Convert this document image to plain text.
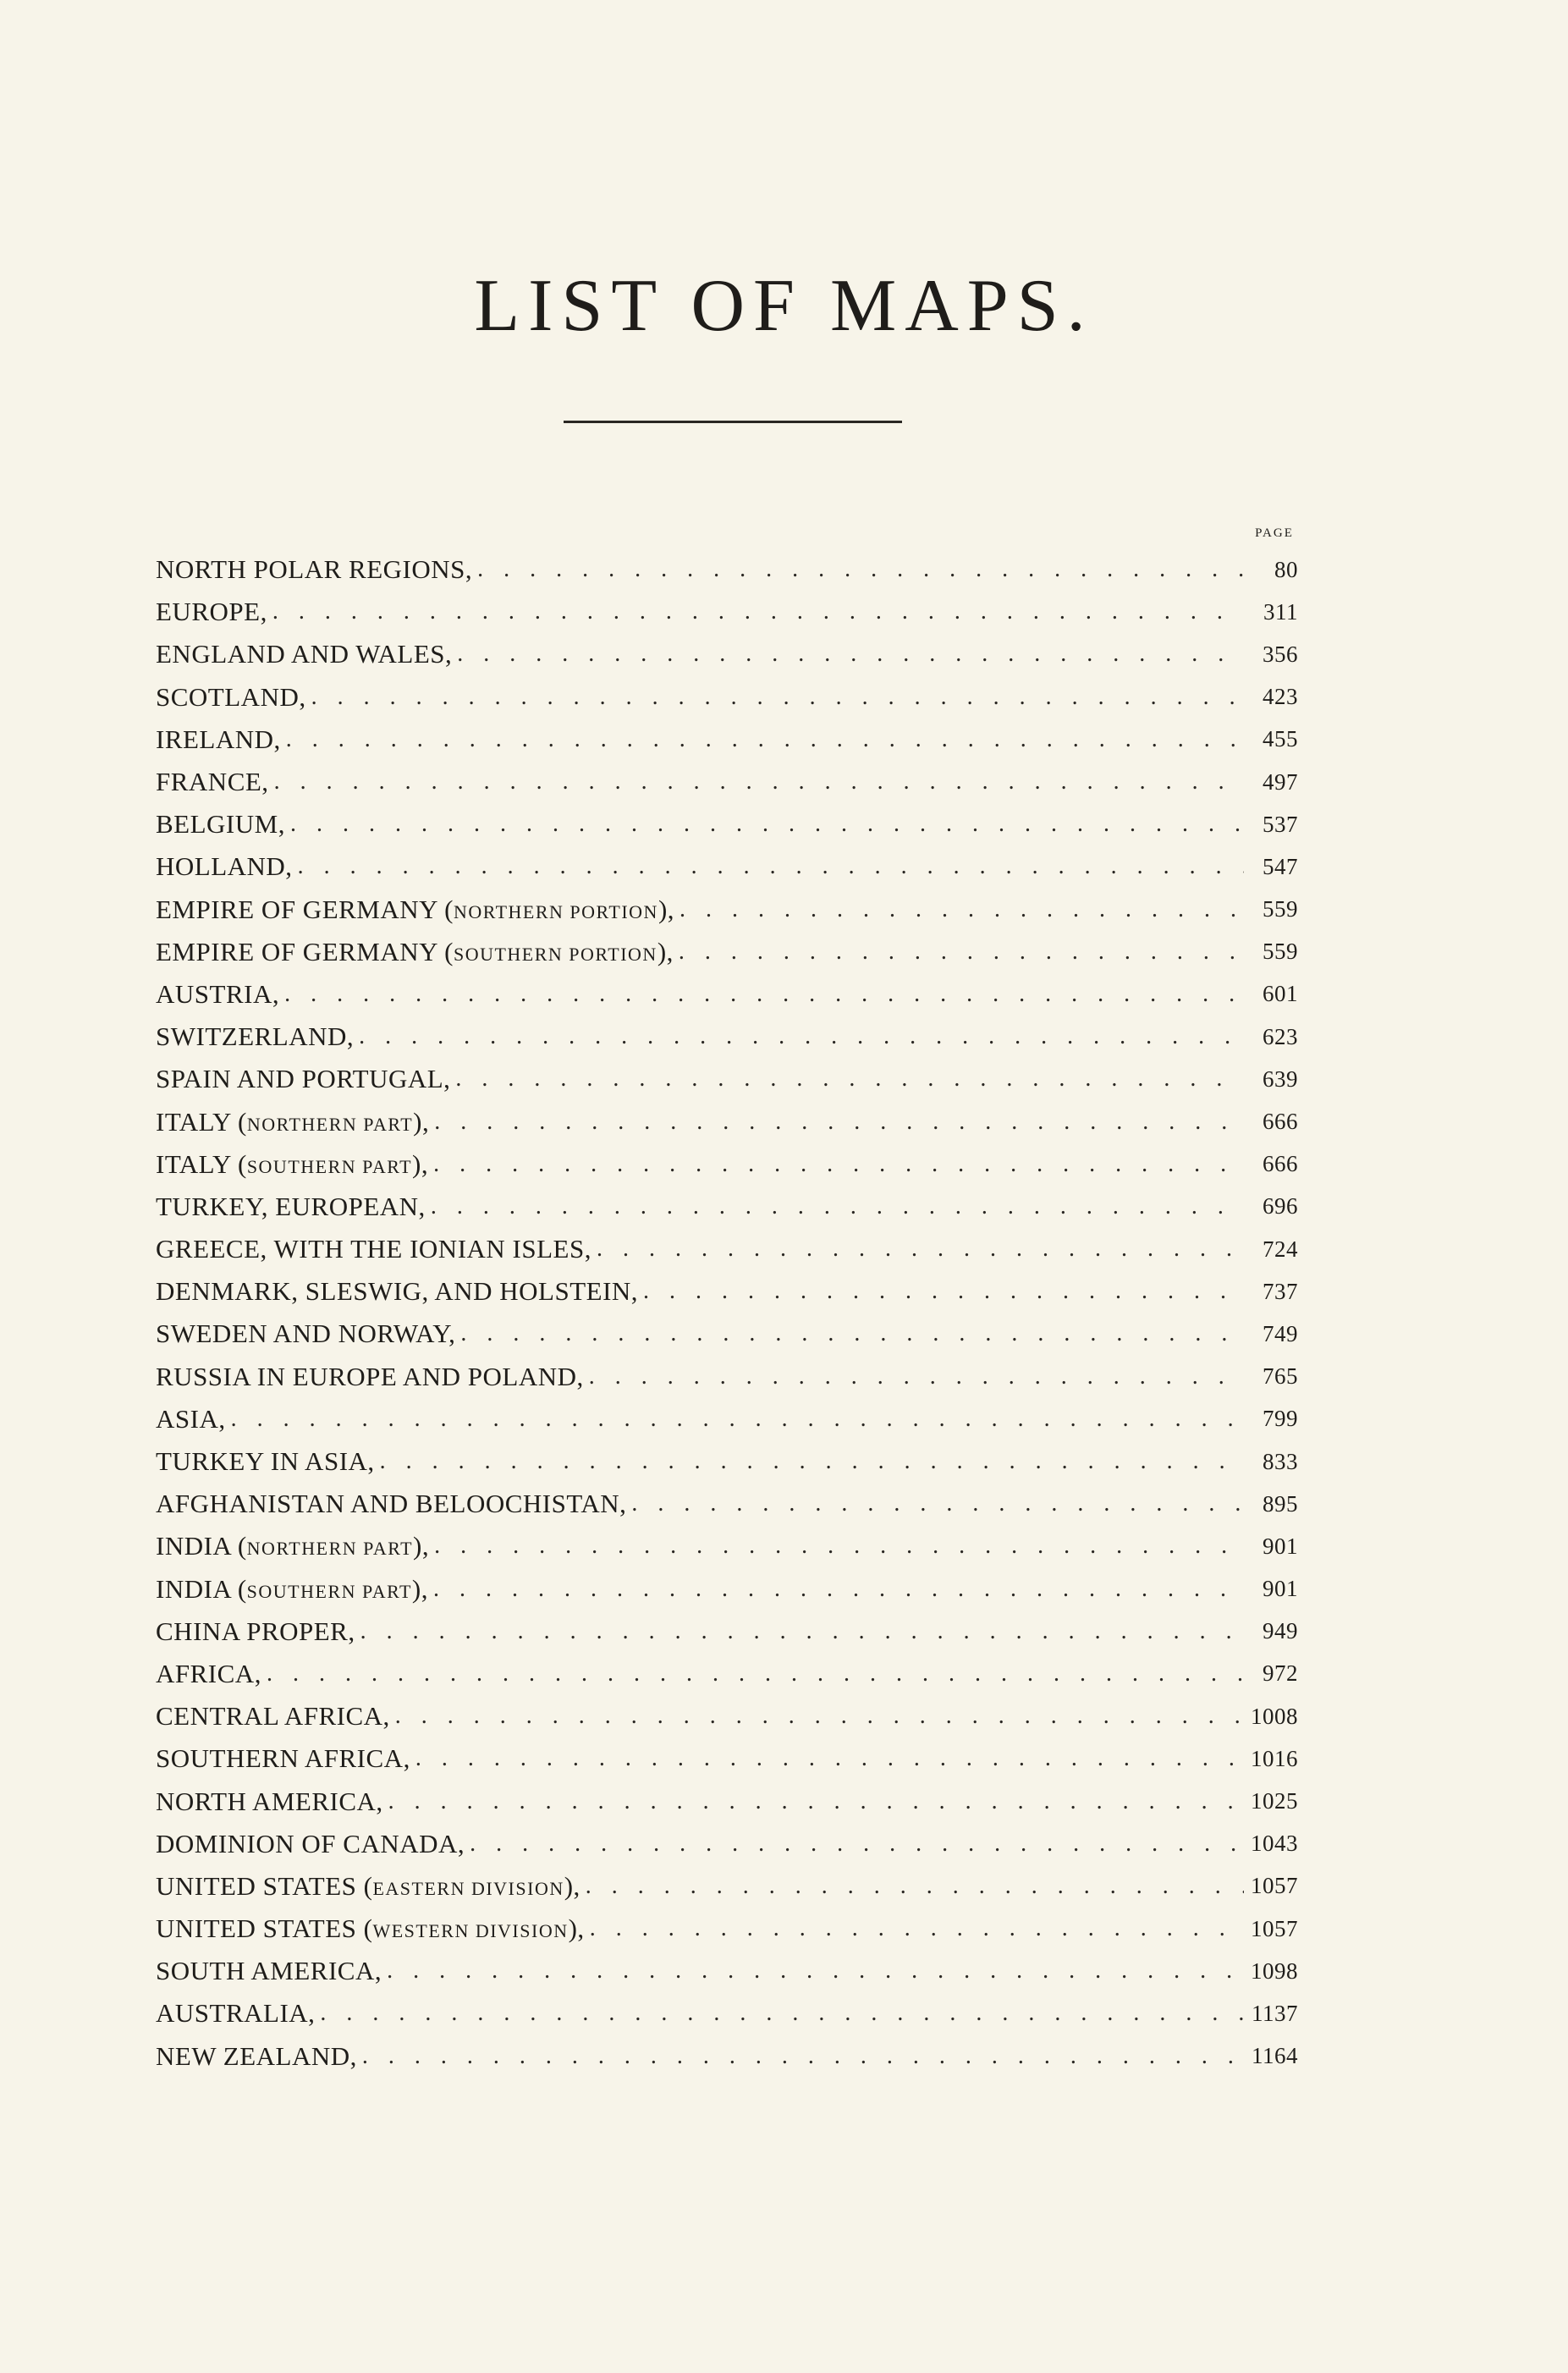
LIST OF MAPS.
PAGE
NORTH POLAR REGIONS, . . .	80
EUROPE, . . .	311
ENGLAND AND WALES, . . .	356
SCOTLAND, . . .	423
IRELAND, . . .	455
FRANCE, . . .	497
BELGIUM, . . .	537
HOLLAND, . . .	547
EMPIRE OF GERMANY (NORTHERN PORTION), . . .	559
EMPIRE OF GERMANY (SOUTHERN PORTION), . . .	559
AUSTRIA, . . .	601
SWITZERLAND, . . .	623
SPAIN AND PORTUGAL, . . .	639
ITALY (NORTHERN PART), . . .	666
ITALY (SOUTHERN PART), . . .	666
TURKEY, EUROPEAN, . . .	696
GREECE, WITH THE IONIAN ISLES, . . .	724
DENMARK, SLESWIG, AND HOLSTEIN, . . .	737
SWEDEN AND NORWAY, . . .	749
RUSSIA IN EUROPE AND POLAND, . . .	765
ASIA, . . .	799
TURKEY IN ASIA, . . .	833
AFGHANISTAN AND BELOOCHISTAN, . . .	895
INDIA (NORTHERN PART), . . .	901
INDIA (SOUTHERN PART), . . .	901
CHINA PROPER, . . .	949
AFRICA, . . .	972
CENTRAL AFRICA, . . .	1008
SOUTHERN AFRICA, . . .	1016
NORTH AMERICA, . . .	1025
DOMINION OF CANADA, . . .	1043
UNITED STATES (EASTERN DIVISION), . . .	1057
UNITED STATES (WESTERN DIVISION), . . .	1057
SOUTH AMERICA, . . .	1098
AUSTRALIA, . . .	1137
NEW ZEALAND, . . .	1164
